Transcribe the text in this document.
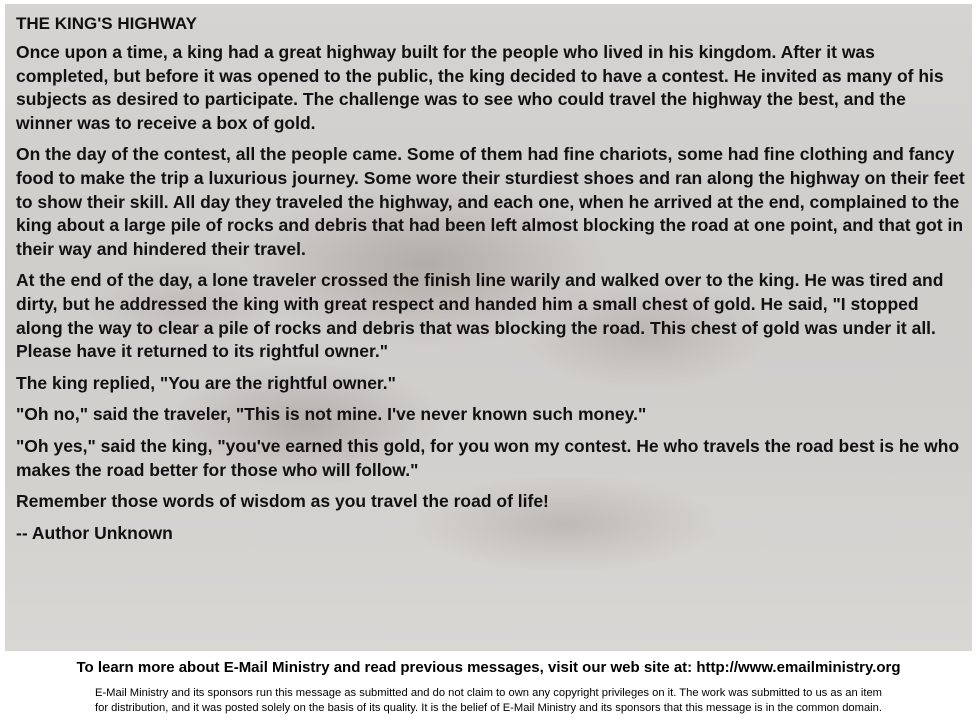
THE KING'S HIGHWAY

Once upon a time, a king had a great highway built for the people who lived in his kingdom. After it was completed, but before it was opened to the public, the king decided to have a contest. He invited as many of his subjects as desired to participate. The challenge was to see who could travel the highway the best, and the winner was to receive a box of gold.

On the day of the contest, all the people came. Some of them had fine chariots, some had fine clothing and fancy food to make the trip a luxurious journey. Some wore their sturdiest shoes and ran along the highway on their feet to show their skill. All day they traveled the highway, and each one, when he arrived at the end, complained to the king about a large pile of rocks and debris that had been left almost blocking the road at one point, and that got in their way and hindered their travel.

At the end of the day, a lone traveler crossed the finish line warily and walked over to the king. He was tired and dirty, but he addressed the king with great respect and handed him a small chest of gold. He said, "I stopped along the way to clear a pile of rocks and debris that was blocking the road. This chest of gold was under it all. Please have it returned to its rightful owner."

The king replied, "You are the rightful owner."

"Oh no," said the traveler, "This is not mine. I've never known such money."

"Oh yes," said the king, "you've earned this gold, for you won my contest. He who travels the road best is he who makes the road better for those who will follow."

Remember those words of wisdom as you travel the road of life!

-- Author Unknown

To learn more about E-Mail Ministry and read previous messages, visit our web site at: http://www.emailministry.org

E-Mail Ministry and its sponsors run this message as submitted and do not claim to own any copyright privileges on it. The work was submitted to us as an item
for distribution, and it was posted solely on the basis of its quality. It is the belief of E-Mail Ministry and its sponsors that this message is in the common domain.
